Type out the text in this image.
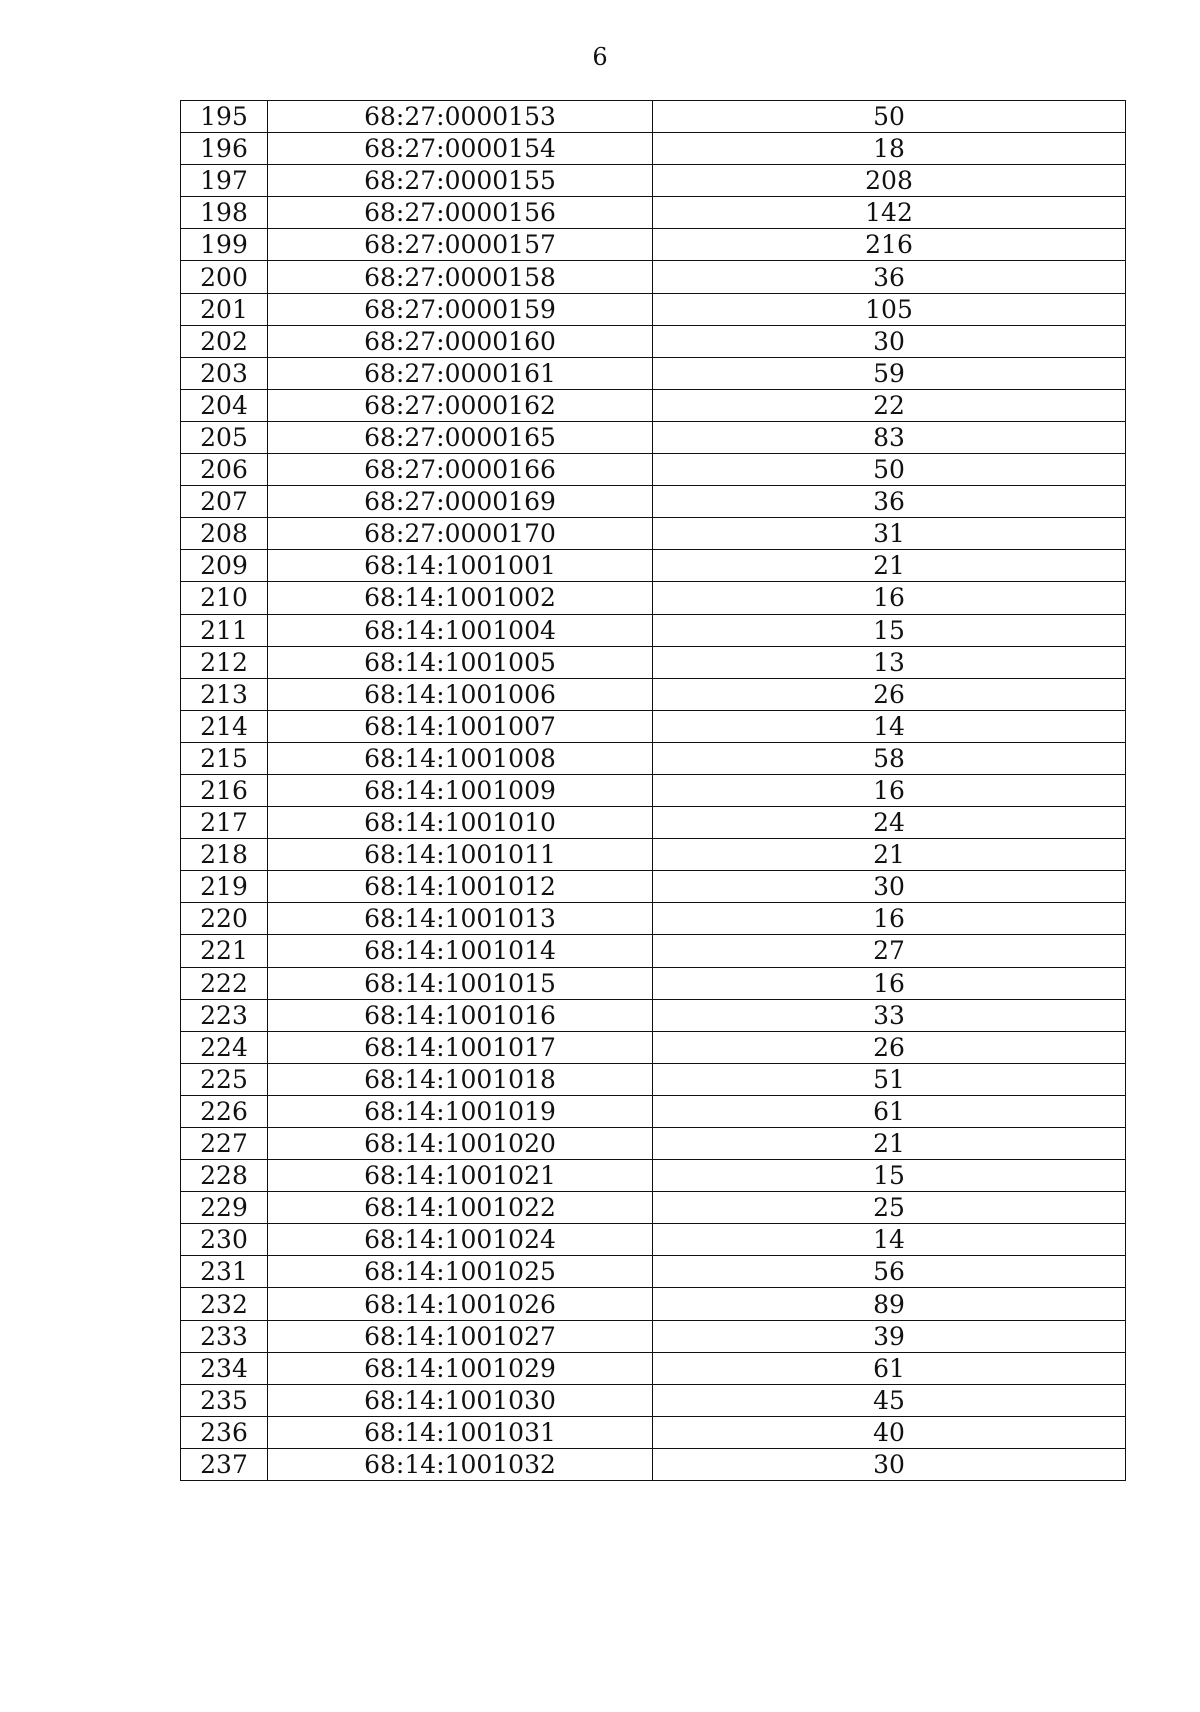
6
195	68:27:0000153	50
196	68:27:0000154	18
197	68:27:0000155	208
198	68:27:0000156	142
199	68:27:0000157	216
200	68:27:0000158	36
201	68:27:0000159	105
202	68:27:0000160	30
203	68:27:0000161	59
204	68:27:0000162	22
205	68:27:0000165	83
206	68:27:0000166	50
207	68:27:0000169	36
208	68:27:0000170	31
209	68:14:1001001	21
210	68:14:1001002	16
211	68:14:1001004	15
212	68:14:1001005	13
213	68:14:1001006	26
214	68:14:1001007	14
215	68:14:1001008	58
216	68:14:1001009	16
217	68:14:1001010	24
218	68:14:1001011	21
219	68:14:1001012	30
220	68:14:1001013	16
221	68:14:1001014	27
222	68:14:1001015	16
223	68:14:1001016	33
224	68:14:1001017	26
225	68:14:1001018	51
226	68:14:1001019	61
227	68:14:1001020	21
228	68:14:1001021	15
229	68:14:1001022	25
230	68:14:1001024	14
231	68:14:1001025	56
232	68:14:1001026	89
233	68:14:1001027	39
234	68:14:1001029	61
235	68:14:1001030	45
236	68:14:1001031	40
237	68:14:1001032	30
